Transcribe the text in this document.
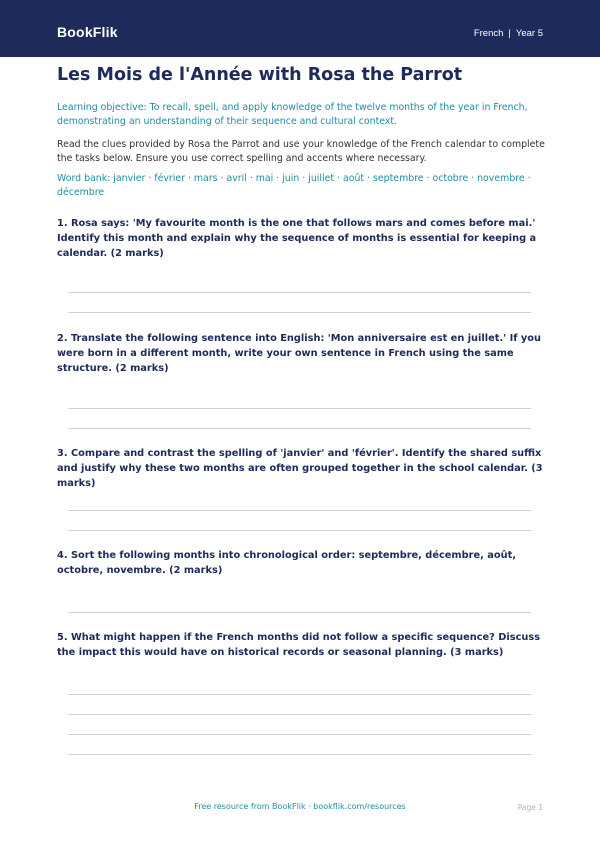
BookFlik	French | Year 5
Les Mois de l'Année with Rosa the Parrot
Learning objective: To recall, spell, and apply knowledge of the twelve months of the year in French, demonstrating an understanding of their sequence and cultural context.
Read the clues provided by Rosa the Parrot and use your knowledge of the French calendar to complete the tasks below. Ensure you use correct spelling and accents where necessary.
Word bank: janvier · février · mars · avril · mai · juin · juillet · août · septembre · octobre · novembre · décembre
1. Rosa says: 'My favourite month is the one that follows mars and comes before mai.' Identify this month and explain why the sequence of months is essential for keeping a calendar. (2 marks)
2. Translate the following sentence into English: 'Mon anniversaire est en juillet.' If you were born in a different month, write your own sentence in French using the same structure. (2 marks)
3. Compare and contrast the spelling of 'janvier' and 'février'. Identify the shared suffix and justify why these two months are often grouped together in the school calendar. (3 marks)
4. Sort the following months into chronological order: septembre, décembre, août, octobre, novembre. (2 marks)
5. What might happen if the French months did not follow a specific sequence? Discuss the impact this would have on historical records or seasonal planning. (3 marks)
Free resource from BookFlik · bookflik.com/resources	Page 1
